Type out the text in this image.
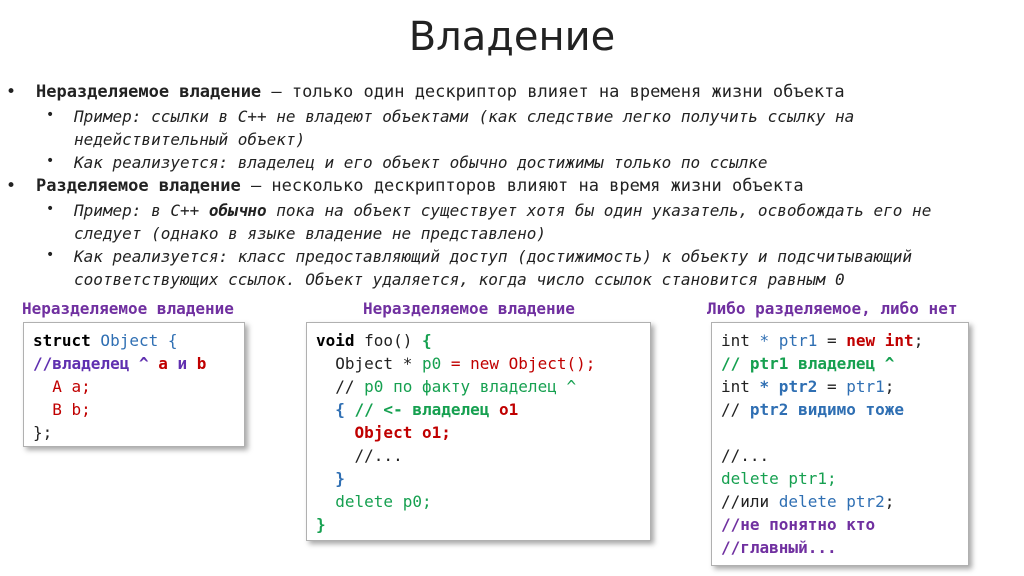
Владение
• Неразделяемое владение – только один дескриптор влияет на временя жизни объекта
• Пример: ссылки в C++ не владеют объектами (как следствие легко получить ссылку на
недействительный объект)
• Как реализуется: владелец и его объект обычно достижимы только по ссылке
• Разделяемое владение – несколько дескрипторов влияют на время жизни объекта
• Пример: в C++ обычно пока на объект существует хотя бы один указатель, освобождать его не
следует (однако в языке владение не представлено)
• Как реализуется: класс предоставляющий доступ (достижимость) к объекту и подсчитывающий
соответствующих ссылок. Объект удаляется, когда число ссылок становится равным 0
Неразделяемое владение	Неразделяемое владение	Либо разделяемое, либо нет
struct Object {
//владелец ^ a и b
A a;
B b;
};
void foo() {
Object * p0 = new Object();
// p0 по факту владелец ^
{ // <- владелец o1
Object o1;
//...
}
delete p0;
}
int * ptr1 = new int;
// ptr1 владелец ^
int * ptr2 = ptr1;
// ptr2 видимо тоже
//...
delete ptr1;
//или delete ptr2;
//не понятно кто
//главный...
